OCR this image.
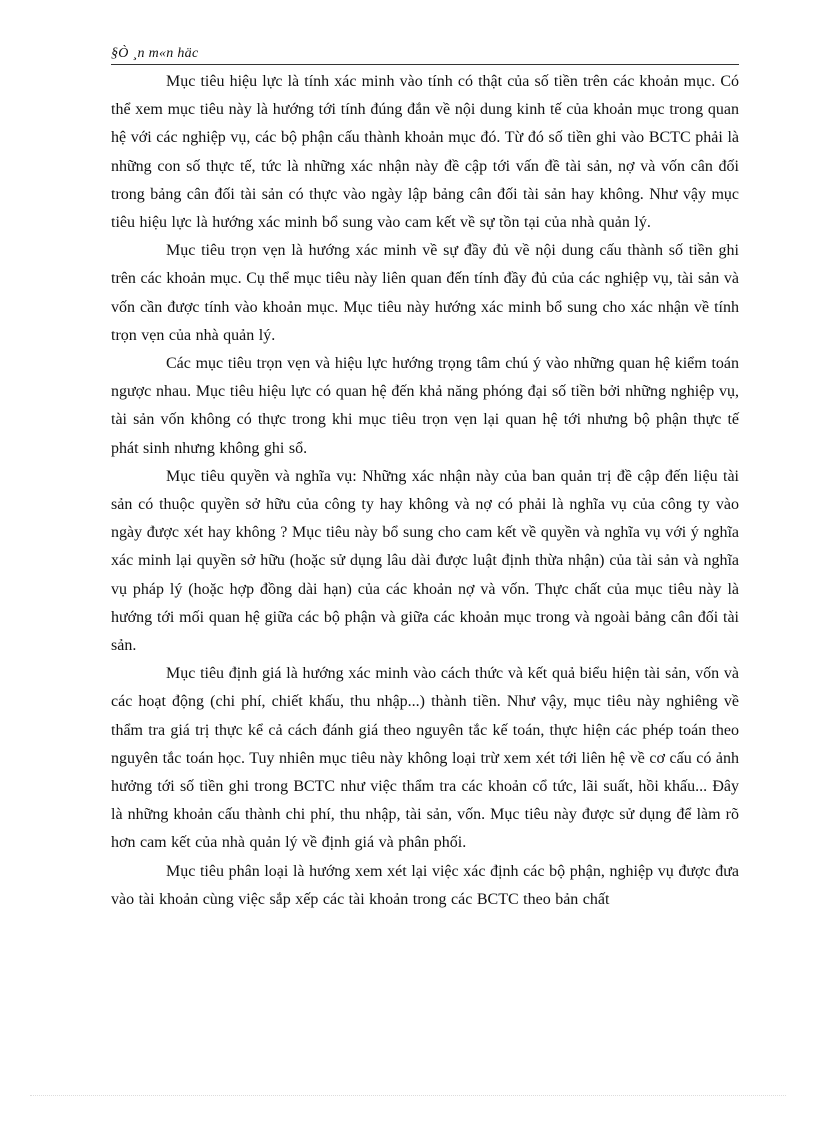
§Ò ¸n m«n häc

Mục tiêu hiệu lực là tính xác minh vào tính có thật của số tiền trên các khoản mục. Có thể xem mục tiêu này là hướng tới tính đúng đắn về nội dung kinh tế của khoản mục trong quan hệ với các nghiệp vụ, các bộ phận cấu thành khoản mục đó. Từ đó số tiền ghi vào BCTC phải là những con số thực tế, tức là những xác nhận này đề cập tới vấn đề tài sản, nợ và vốn cân đối trong bảng cân đối tài sản có thực vào ngày lập bảng cân đối tài sản hay không. Như vậy mục tiêu hiệu lực là hướng xác minh bổ sung vào cam kết về sự tồn tại của nhà quản lý.

Mục tiêu trọn vẹn là hướng xác minh về sự đầy đủ về nội dung cấu thành số tiền ghi trên các khoản mục. Cụ thể mục tiêu này liên quan đến tính đầy đủ của các nghiệp vụ, tài sản và vốn cần được tính vào khoản mục. Mục tiêu này hướng xác minh bổ sung cho xác nhận về tính trọn vẹn của nhà quản lý.

Các mục tiêu trọn vẹn và hiệu lực hướng trọng tâm chú ý vào những quan hệ kiểm toán ngược nhau. Mục tiêu hiệu lực có quan hệ đến khả năng phóng đại số tiền bởi những nghiệp vụ, tài sản vốn không có thực trong khi mục tiêu trọn vẹn lại quan hệ tới nhưng bộ phận thực tế phát sinh nhưng không ghi sổ.

Mục tiêu quyền và nghĩa vụ: Những xác nhận này của ban quản trị đề cập đến liệu tài sản có thuộc quyền sở hữu của công ty hay không và nợ có phải là nghĩa vụ của công ty vào ngày được xét hay không ? Mục tiêu này bổ sung cho cam kết về quyền và nghĩa vụ với ý nghĩa xác minh lại quyền sở hữu (hoặc sử dụng lâu dài được luật định thừa nhận) của tài sản và nghĩa vụ pháp lý (hoặc hợp đồng dài hạn) của các khoản nợ và vốn. Thực chất của mục tiêu này là hướng tới mối quan hệ giữa các bộ phận và giữa các khoản mục trong và ngoài bảng cân đối tài sản.

Mục tiêu định giá là hướng xác minh vào cách thức và kết quả biểu hiện tài sản, vốn và các hoạt động (chi phí, chiết khấu, thu nhập...) thành tiền. Như vậy, mục tiêu này nghiêng về thẩm tra giá trị thực kể cả cách đánh giá theo nguyên tắc kế toán, thực hiện các phép toán theo nguyên tắc toán học. Tuy nhiên mục tiêu này không loại trừ xem xét tới liên hệ về cơ cấu có ảnh hưởng tới số tiền ghi trong BCTC như việc thẩm tra các khoản cổ tức, lãi suất, hồi khấu... Đây là những khoản cấu thành chi phí, thu nhập, tài sản, vốn. Mục tiêu này được sử dụng để làm rõ hơn cam kết của nhà quản lý về định giá và phân phối.

Mục tiêu phân loại là hướng xem xét lại việc xác định các bộ phận, nghiệp vụ được đưa vào tài khoản cùng việc sắp xếp các tài khoản trong các BCTC theo bản chất
